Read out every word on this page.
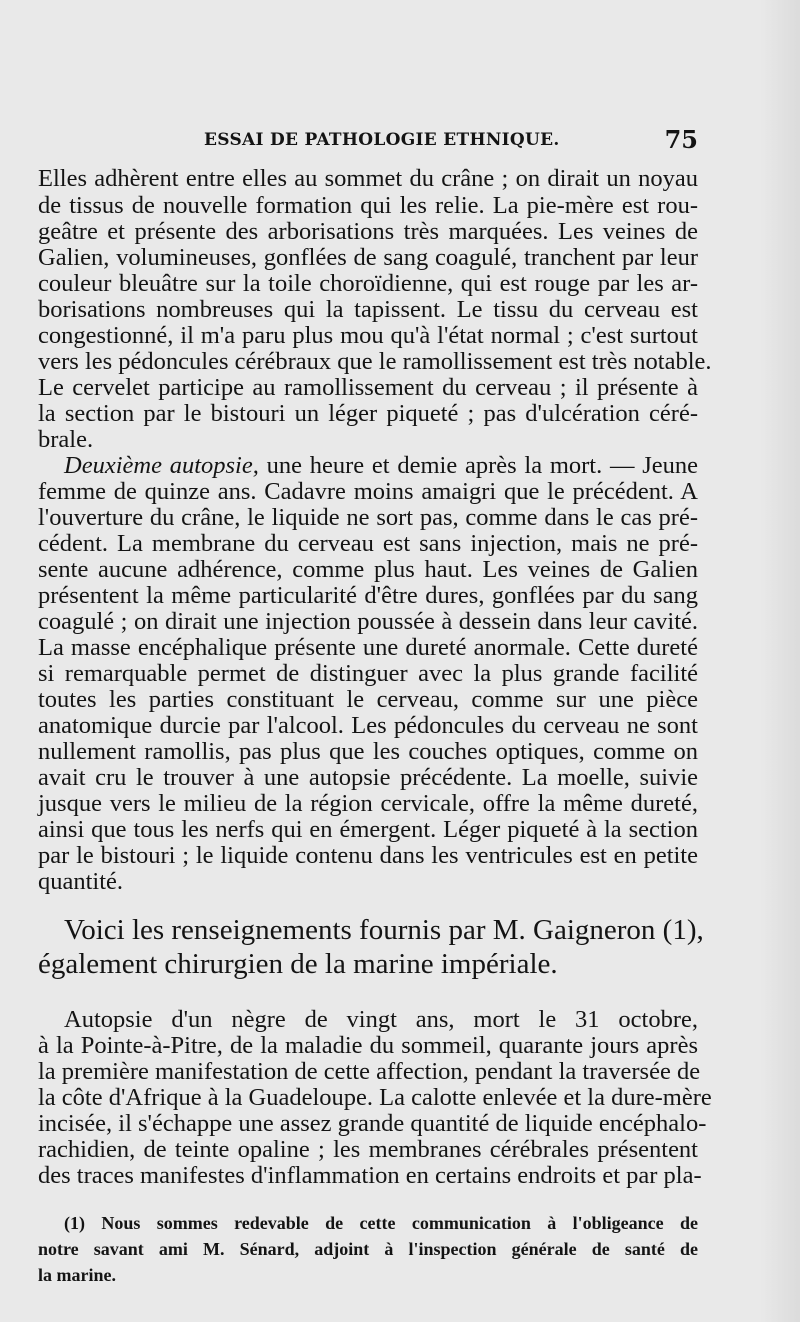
ESSAI DE PATHOLOGIE ETHNIQUE.	75
Elles adhèrent entre elles au sommet du crâne ; on dirait un noyau
de tissus de nouvelle formation qui les relie. La pie-mère est rou-
geâtre et présente des arborisations très marquées. Les veines de
Galien, volumineuses, gonflées de sang coagulé, tranchent par leur
couleur bleuâtre sur la toile choroïdienne, qui est rouge par les ar-
borisations nombreuses qui la tapissent. Le tissu du cerveau est
congestionné, il m'a paru plus mou qu'à l'état normal ; c'est surtout
vers les pédoncules cérébraux que le ramollissement est très notable.
Le cervelet participe au ramollissement du cerveau ; il présente à
la section par le bistouri un léger piqueté ; pas d'ulcération céré-
brale.
Deuxième autopsie, une heure et demie après la mort. — Jeune
femme de quinze ans. Cadavre moins amaigri que le précédent. A
l'ouverture du crâne, le liquide ne sort pas, comme dans le cas pré-
cédent. La membrane du cerveau est sans injection, mais ne pré-
sente aucune adhérence, comme plus haut. Les veines de Galien
présentent la même particularité d'être dures, gonflées par du sang
coagulé ; on dirait une injection poussée à dessein dans leur cavité.
La masse encéphalique présente une dureté anormale. Cette dureté
si remarquable permet de distinguer avec la plus grande facilité
toutes les parties constituant le cerveau, comme sur une pièce
anatomique durcie par l'alcool. Les pédoncules du cerveau ne sont
nullement ramollis, pas plus que les couches optiques, comme on
avait cru le trouver à une autopsie précédente. La moelle, suivie
jusque vers le milieu de la région cervicale, offre la même dureté,
ainsi que tous les nerfs qui en émergent. Léger piqueté à la section
par le bistouri ; le liquide contenu dans les ventricules est en petite
quantité.
Voici les renseignements fournis par M. Gaigneron (1),
également chirurgien de la marine impériale.
Autopsie d'un nègre de vingt ans, mort le 31 octobre,
à la Pointe-à-Pitre, de la maladie du sommeil, quarante jours après
la première manifestation de cette affection, pendant la traversée de
la côte d'Afrique à la Guadeloupe. La calotte enlevée et la dure-mère
incisée, il s'échappe une assez grande quantité de liquide encéphalo-
rachidien, de teinte opaline ; les membranes cérébrales présentent
des traces manifestes d'inflammation en certains endroits et par pla-
(1) Nous sommes redevable de cette communication à l'obligeance de
notre savant ami M. Sénard, adjoint à l'inspection générale de santé de
la marine.
